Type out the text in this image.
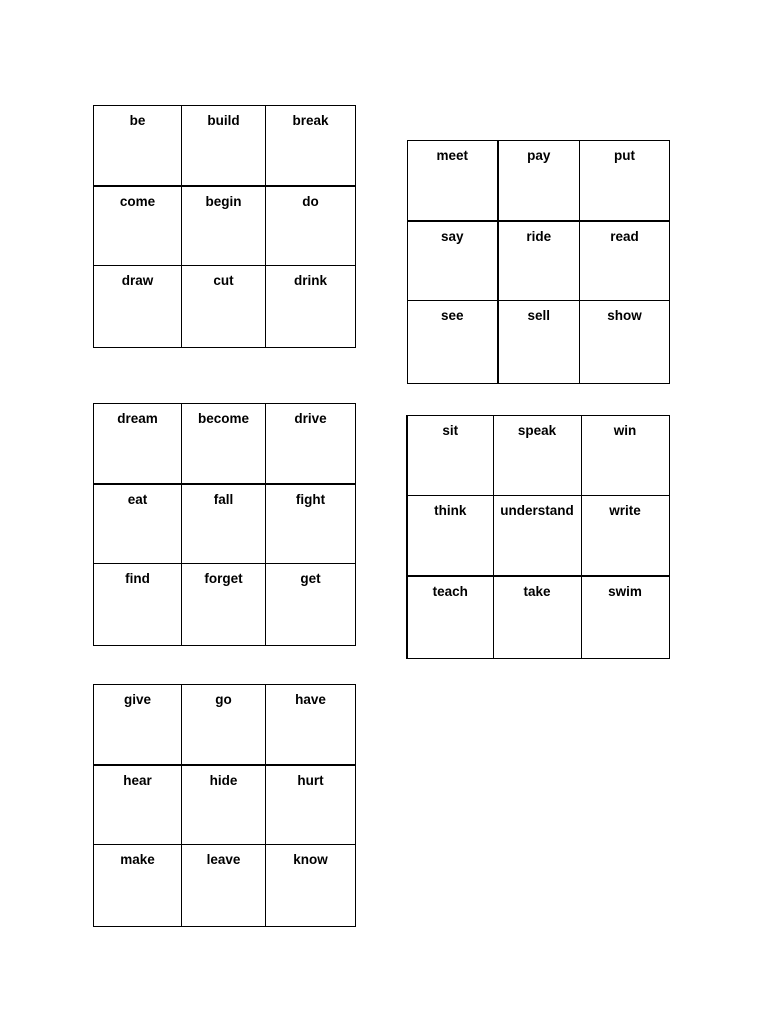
be	build	break

come	begin	do

draw	cut	drink
meet	pay	put

say	ride	read

see	sell	show
dream	become	drive

eat	fall	fight

find	forget	get
sit	speak	win

think	understand	write

teach	take	swim
give	go	have

hear	hide	hurt

make	leave	know
